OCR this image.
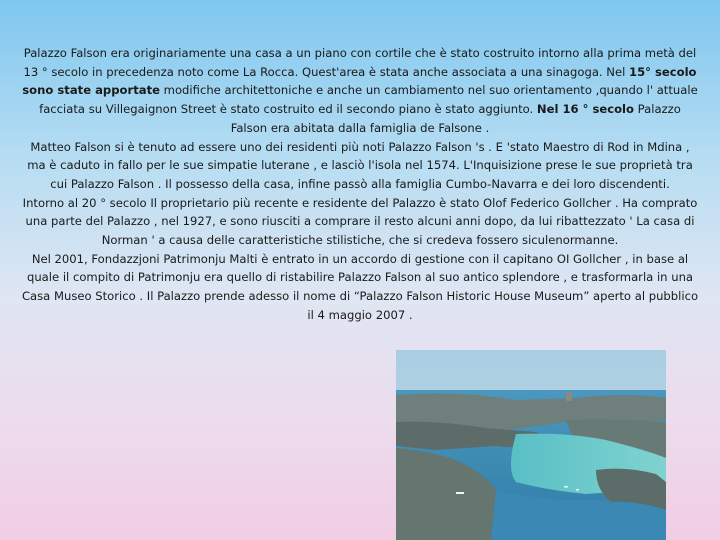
Palazzo Falson era originariamente una casa a un piano con cortile che è stato costruito intorno alla prima metà del 13 ° secolo in precedenza noto come La Rocca. Quest'area è stata anche associata a una sinagoga. Nel 15° secolo sono state apportate modifiche architettoniche e anche un cambiamento nel suo orientamento ,quando l' attuale facciata su Villegaignon Street è stato costruito ed il secondo piano è stato aggiunto. Nel 16 ° secolo Palazzo Falson era abitata dalla famiglia de Falsone .

Matteo Falson si è tenuto ad essere uno dei residenti più noti Palazzo Falson 's . E 'stato Maestro di Rod in Mdina , ma è caduto in fallo per le sue simpatie luterane , e lasciò l'isola nel 1574. L'Inquisizione prese le sue proprietà tra cui Palazzo Falson . Il possesso della casa, infine passò alla famiglia Cumbo-Navarra e dei loro discendenti.

Intorno al 20 ° secolo Il proprietario più recente e residente del Palazzo è stato Olof Federico Gollcher . Ha comprato una parte del Palazzo , nel 1927, e sono riusciti a comprare il resto alcuni anni dopo, da lui ribattezzato ' La casa di Norman ' a causa delle caratteristiche stilistiche, che si credeva fossero siculenormanne.

Nel 2001, Fondazzjoni Patrimonju Malti è entrato in un accordo di gestione con il capitano OI Gollcher , in base al quale il compito di Patrimonju era quello di ristabilire Palazzo Falson al suo antico splendore , e trasformarla in una Casa Museo Storico . Il Palazzo prende adesso il nome di “Palazzo Falson Historic House Museum” aperto al pubblico il 4 maggio 2007 .
